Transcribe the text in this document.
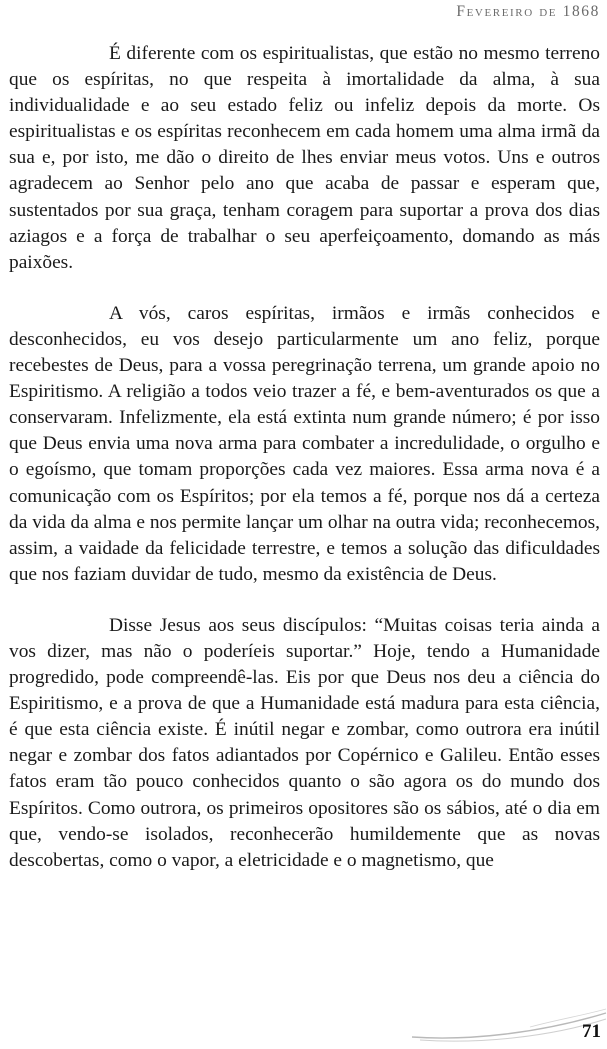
Fevereiro de 1868

É diferente com os espiritualistas, que estão no mesmo terreno que os espíritas, no que respeita à imortalidade da alma, à sua individualidade e ao seu estado feliz ou infeliz depois da morte. Os espiritualistas e os espíritas reconhecem em cada homem uma alma irmã da sua e, por isto, me dão o direito de lhes enviar meus votos. Uns e outros agradecem ao Senhor pelo ano que acaba de passar e esperam que, sustentados por sua graça, tenham coragem para suportar a prova dos dias aziagos e a força de trabalhar o seu aperfeiçoamento, domando as más paixões.

A vós, caros espíritas, irmãos e irmãs conhecidos e desconhecidos, eu vos desejo particularmente um ano feliz, porque recebestes de Deus, para a vossa peregrinação terrena, um grande apoio no Espiritismo. A religião a todos veio trazer a fé, e bem-aventurados os que a conservaram. Infelizmente, ela está extinta num grande número; é por isso que Deus envia uma nova arma para combater a incredulidade, o orgulho e o egoísmo, que tomam proporções cada vez maiores. Essa arma nova é a comunicação com os Espíritos; por ela temos a fé, porque nos dá a certeza da vida da alma e nos permite lançar um olhar na outra vida; reconhecemos, assim, a vaidade da felicidade terrestre, e temos a solução das dificuldades que nos faziam duvidar de tudo, mesmo da existência de Deus.

Disse Jesus aos seus discípulos: “Muitas coisas teria ainda a vos dizer, mas não o poderíeis suportar.” Hoje, tendo a Humanidade progredido, pode compreendê-las. Eis por que Deus nos deu a ciência do Espiritismo, e a prova de que a Humanidade está madura para esta ciência, é que esta ciência existe. É inútil negar e zombar, como outrora era inútil negar e zombar dos fatos adiantados por Copérnico e Galileu. Então esses fatos eram tão pouco conhecidos quanto o são agora os do mundo dos Espíritos. Como outrora, os primeiros opositores são os sábios, até o dia em que, vendo-se isolados, reconhecerão humildemente que as novas descobertas, como o vapor, a eletricidade e o magnetismo, que

71
